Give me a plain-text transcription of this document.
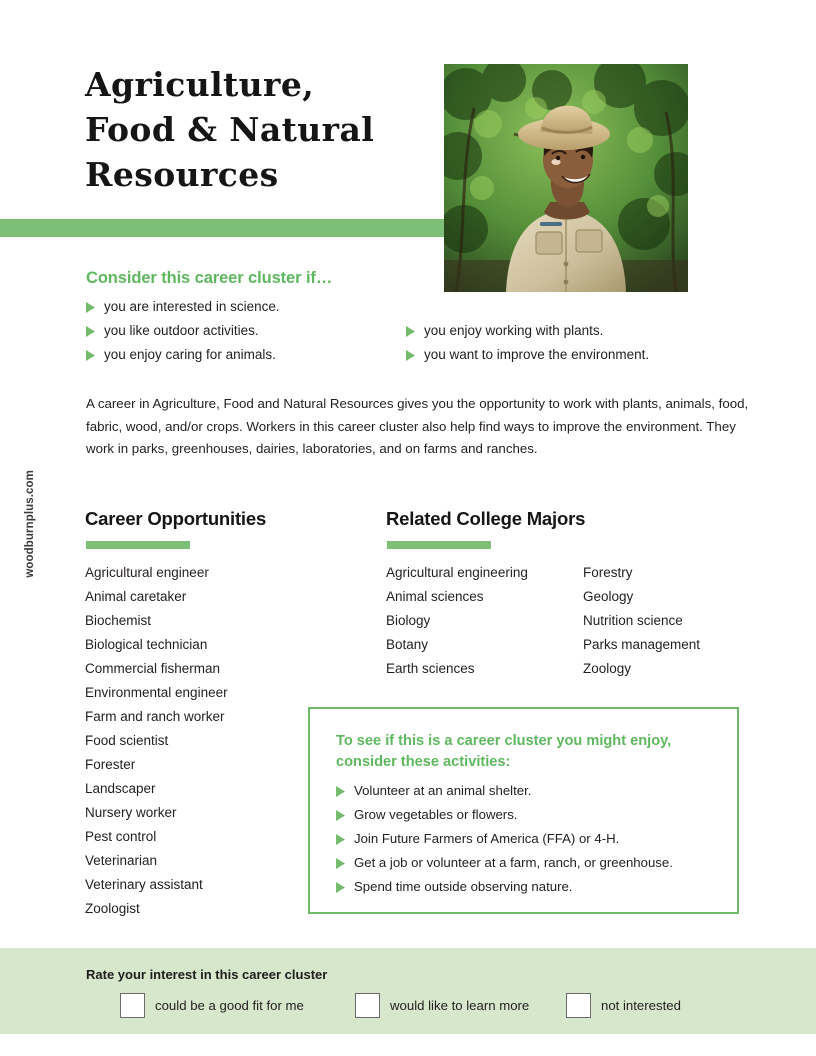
woodburnplus.com
Agriculture,
Food & Natural
Resources
Consider this career cluster if…
you are interested in science.
you like outdoor activities.
you enjoy caring for animals.
you enjoy working with plants.
you want to improve the environment.
A career in Agriculture, Food and Natural Resources gives you the opportunity to work with plants, animals, food, fabric, wood, and/or crops. Workers in this career cluster also help find ways to improve the environment. They work in parks, greenhouses, dairies, laboratories, and on farms and ranches.
Career Opportunities
Agricultural engineer
Animal caretaker
Biochemist
Biological technician
Commercial fisherman
Environmental engineer
Farm and ranch worker
Food scientist
Forester
Landscaper
Nursery worker
Pest control
Veterinarian
Veterinary assistant
Zoologist
Related College Majors
Agricultural engineering
Animal sciences
Biology
Botany
Earth sciences
Forestry
Geology
Nutrition science
Parks management
Zoology
To see if this is a career cluster you might enjoy, consider these activities:
Volunteer at an animal shelter.
Grow vegetables or flowers.
Join Future Farmers of America (FFA) or 4-H.
Get a job or volunteer at a farm, ranch, or greenhouse.
Spend time outside observing nature.
Rate your interest in this career cluster
could be a good fit for me	would like to learn more	not interested
